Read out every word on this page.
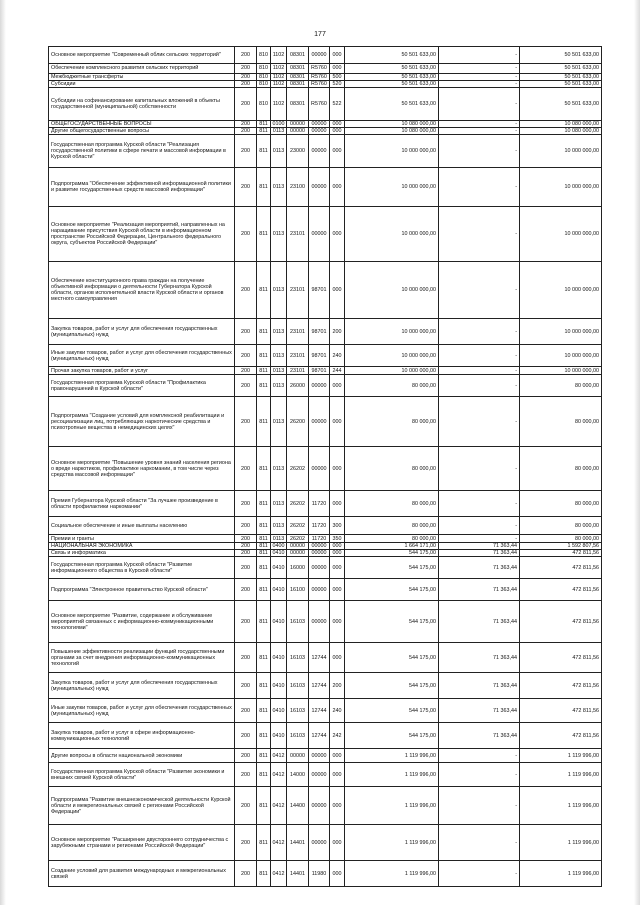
177
Основное мероприятие "Современный облик сельских территорий"	200	810	1102	08301	00000	000	50 501 633,00	-	50 501 633,00
Обеспечение комплексного развития сельских территорий	200	810	1102	08301	R5760	000	50 501 633,00	-	50 501 633,00
Межбюджетные трансферты	200	810	1102	08301	R5760	500	50 501 633,00	-	50 501 633,00
Субсидии	200	810	1102	08301	R5760	520	50 501 633,00	-	50 501 633,00
Субсидии на софинансирование капитальных вложений в объекты государственной (муниципальной) собственности	200	810	1102	08301	R5760	522	50 501 633,00	-	50 501 633,00
ОБЩЕГОСУДАРСТВЕННЫЕ ВОПРОСЫ	200	811	0100	00000	00000	000	10 080 000,00	-	10 080 000,00
Другие общегосударственные вопросы	200	811	0113	00000	00000	000	10 080 000,00	-	10 080 000,00
Государственная программа Курской области "Реализация государственной политики в сфере печати и массовой информации в Курской области"	200	811	0113	23000	00000	000	10 000 000,00	-	10 000 000,00
Подпрограмма "Обеспечение эффективной информационной политики и развитие государственных средств массовой информации"	200	811	0113	23100	00000	000	10 000 000,00	-	10 000 000,00
Основное мероприятие "Реализация мероприятий, направленных на наращивание присутствия Курской области в информационном пространстве Российской Федерации, Центрального федерального округа, субъектов Российской Федерации"	200	811	0113	23101	00000	000	10 000 000,00	-	10 000 000,00
Обеспечение конституционного права граждан на получение объективной информации о деятельности Губернатора Курской области, органов исполнительной власти Курской области и органов местного самоуправления	200	811	0113	23101	98701	000	10 000 000,00	-	10 000 000,00
Закупка товаров, работ и услуг для обеспечения государственных (муниципальных) нужд	200	811	0113	23101	98701	200	10 000 000,00	-	10 000 000,00
Иные закупки товаров, работ и услуг для обеспечения государственных (муниципальных) нужд	200	811	0113	23101	98701	240	10 000 000,00	-	10 000 000,00
Прочая закупка товаров, работ и услуг	200	811	0113	23101	98701	244	10 000 000,00	-	10 000 000,00
Государственная программа Курской области "Профилактика правонарушений в Курской области"	200	811	0113	26000	00000	000	80 000,00	-	80 000,00
Подпрограмма "Создание условий для комплексной реабилитации и ресоциализации лиц, потребляющих наркотические средства и психотропные вещества в немедицинских целях"	200	811	0113	26200	00000	000	80 000,00	-	80 000,00
Основное мероприятие "Повышение уровня знаний населения региона о вреде наркотиков, профилактике наркомании, в том числе через средства массовой информации"	200	811	0113	26202	00000	000	80 000,00	-	80 000,00
Премия Губернатора Курской области "За лучшее произведение в области профилактики наркомании"	200	811	0113	26202	11720	000	80 000,00	-	80 000,00
Социальное обеспечение и иные выплаты населению	200	811	0113	26202	11720	300	80 000,00	-	80 000,00
Премии и гранты	200	811	0113	26202	11720	350	80 000,00	-	80 000,00
НАЦИОНАЛЬНАЯ ЭКОНОМИКА	200	811	0400	00000	00000	000	1 664 171,00	71 363,44	1 592 807,56
Связь и информатика	200	811	0410	00000	00000	000	544 175,00	71 363,44	472 811,56
Государственная программа Курской области "Развитие информационного общества в Курской области"	200	811	0410	16000	00000	000	544 175,00	71 363,44	472 811,56
Подпрограмма "Электронное правительство Курской области"	200	811	0410	16100	00000	000	544 175,00	71 363,44	472 811,56
Основное мероприятие "Развитие, содержание и обслуживание мероприятий связанных с информационно-коммуникационными технологиями"	200	811	0410	16103	00000	000	544 175,00	71 363,44	472 811,56
Повышение эффективности реализации функций государственными органами за счет внедрения информационно-коммуникационных технологий	200	811	0410	16103	12744	000	544 175,00	71 363,44	472 811,56
Закупка товаров, работ и услуг для обеспечения государственных (муниципальных) нужд	200	811	0410	16103	12744	200	544 175,00	71 363,44	472 811,56
Иные закупки товаров, работ и услуг для обеспечения государственных (муниципальных) нужд	200	811	0410	16103	12744	240	544 175,00	71 363,44	472 811,56
Закупка товаров, работ и услуг в сфере информационно-коммуникационных технологий	200	811	0410	16103	12744	242	544 175,00	71 363,44	472 811,56
Другие вопросы в области национальной экономики	200	811	0412	00000	00000	000	1 119 996,00	-	1 119 996,00
Государственная программа Курской области "Развитие экономики и внешних связей Курской области"	200	811	0412	14000	00000	000	1 119 996,00	-	1 119 996,00
Подпрограмма "Развитие внешнеэкономической деятельности Курской области и межрегиональных связей с регионами Российской Федерации"	200	811	0412	14400	00000	000	1 119 996,00	-	1 119 996,00
Основное мероприятие "Расширение двустороннего сотрудничества с зарубежными странами и регионами Российской Федерации"	200	811	0412	14401	00000	000	1 119 996,00	-	1 119 996,00
Создание условий для развития международных и межрегиональных связей	200	811	0412	14401	11980	000	1 119 996,00	-	1 119 996,00
